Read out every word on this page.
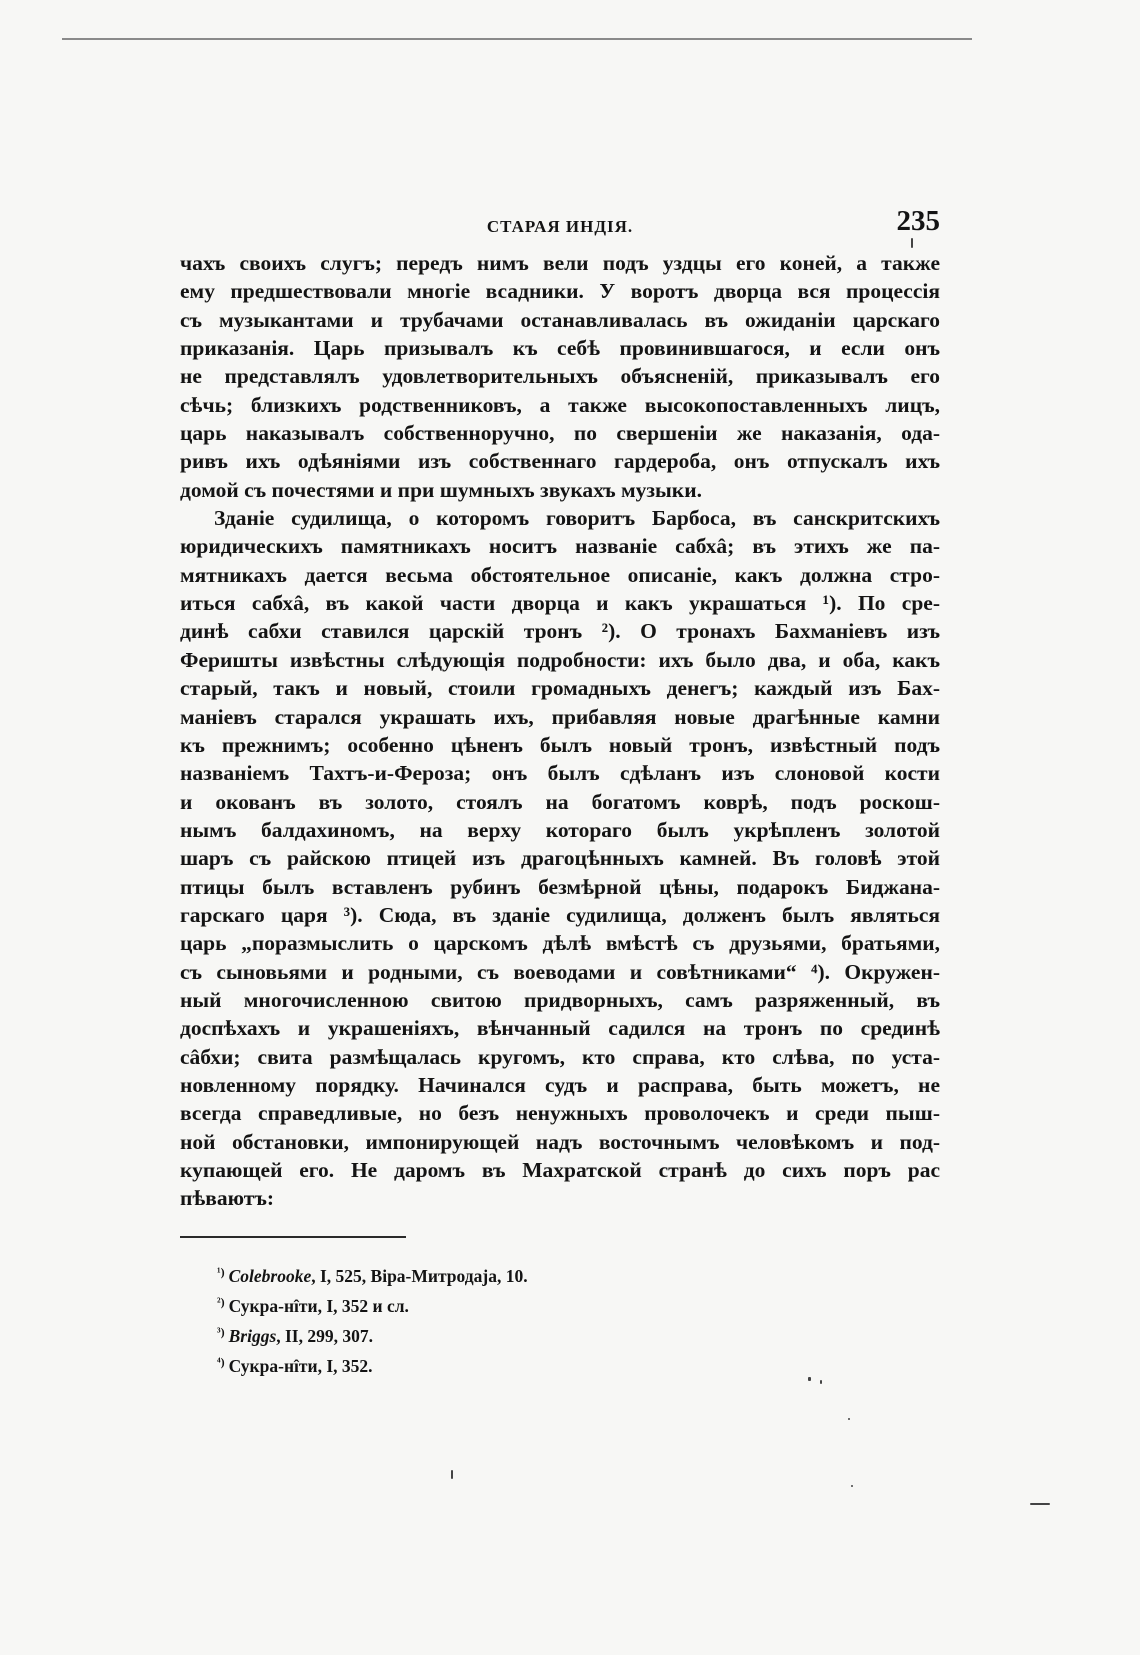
СТАРАЯ ИНДІЯ.	235
чахъ своихъ слугъ; передъ нимъ вели подъ уздцы его коней, а также
ему предшествовали многіе всадники. У воротъ дворца вся процессія
съ музыкантами и трубачами останавливалась въ ожиданіи царскаго
приказанія. Царь призывалъ къ себѣ провинившагося, и если онъ
не представлялъ удовлетворительныхъ объясненій, приказывалъ его
сѣчь; близкихъ родственниковъ, а также высокопоставленныхъ лицъ,
царь наказывалъ собственноручно, по свершеніи же наказанія, ода-
ривъ ихъ одѣяніями изъ собственнаго гардероба, онъ отпускалъ ихъ
домой съ почестями и при шумныхъ звукахъ музыки.
Зданіе судилища, о которомъ говоритъ Барбоса, въ санскритскихъ
юридическихъ памятникахъ носитъ названіе сабхâ; въ этихъ же па-
мятникахъ дается весьма обстоятельное описаніе, какъ должна стро-
иться сабхâ, въ какой части дворца и какъ украшаться ¹). По сре-
динѣ сабхи ставился царскій тронъ ²). О тронахъ Бахманіевъ изъ
Феришты извѣстны слѣдующія подробности: ихъ было два, и оба, какъ
старый, такъ и новый, стоили громадныхъ денегъ; каждый изъ Бах-
маніевъ старался украшать ихъ, прибавляя новые драгѣнные камни
къ прежнимъ; особенно цѣненъ былъ новый тронъ, извѣстный подъ
названіемъ Тахтъ-и-Ферозa; онъ былъ сдѣланъ изъ слоновой кости
и окованъ въ золото, стоялъ на богатомъ коврѣ, подъ роскош-
нымъ балдахиномъ, на верху котораго былъ укрѣпленъ золотой
шаръ съ райскою птицей изъ драгоцѣнныхъ камней. Въ головѣ этой
птицы былъ вставленъ рубинъ безмѣрной цѣны, подарокъ Биджана-
гарскаго царя ³). Сюда, въ зданіе судилища, долженъ былъ являться
царь „поразмыслить о царскомъ дѣлѣ вмѣстѣ съ друзьями, братьями,
съ сыновьями и родными, съ воеводами и совѣтниками“ ⁴). Окружен-
ный многочисленною свитою придворныхъ, самъ разряженный, въ
доспѣхахъ и украшеніяхъ, вѣнчанный садился на тронъ по срединѣ
сâбхи; свита размѣщалась кругомъ, кто справа, кто слѣва, по уста-
новленному порядку. Начинался судъ и расправа, быть можетъ, не
всегда справедливые, но безъ ненужныхъ проволочекъ и среди пыш-
ной обстановки, импонирующей надъ восточнымъ человѣкомъ и под-
купающей его. Не даромъ въ Махратской странѣ до сихъ поръ рас
пѣваютъ:
$^{^1)}$ Colebrooke, I, 525, Віра-Митродаја, 10.
$^{^2)}$ Сукра-нîти, I, 352 и сл.
$^{^3)}$ Briggs, II, 299, 307.
$^{^4)}$ Сукра-нîти, I, 352.
